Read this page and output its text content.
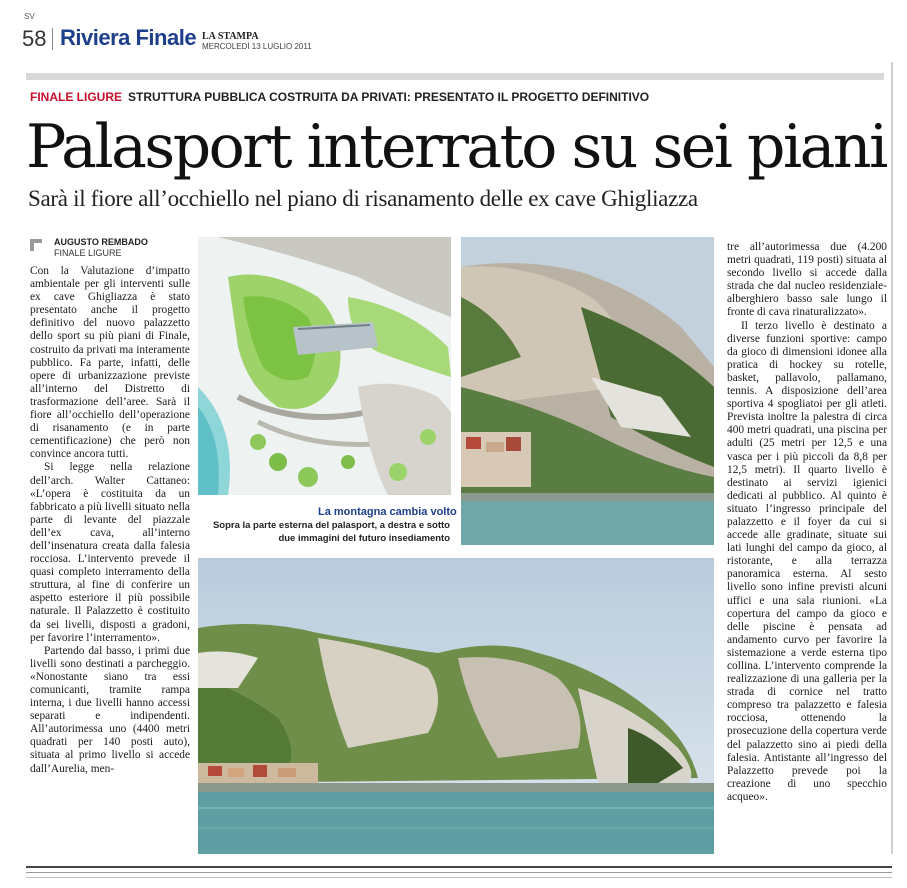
SV
58 Riviera Finale LA STAMPA
MERCOLEDÌ 13 LUGLIO 2011
FINALE LIGURE STRUTTURA PUBBLICA COSTRUITA DA PRIVATI: PRESENTATO IL PROGETTO DEFINITIVO
Palasport interrato su sei piani
Sarà il fiore all’occhiello nel piano di risanamento delle ex cave Ghigliazza
AUGUSTO REMBADO
FINALE LIGURE

Con la Valutazione d’impatto ambientale per gli interventi sulle ex cave Ghigliazza è stato presentato anche il progetto definitivo del nuovo palazzetto dello sport su più piani di Finale, costruito da privati ma interamente pubblico. Fa parte, infatti, delle opere di urbanizzazione previste all’interno del Distretto di trasformazione dell’aree. Sarà il fiore all’occhiello dell’operazione di risanamento (e in parte cementificazione) che però non convince ancora tutti.

Si legge nella relazione dell’arch. Walter Cattaneo: «L’opera è costituita da un fabbricato a più livelli situato nella parte di levante del piazzale dell’ex cava, all’interno dell’insenatura creata dalla falesia rocciosa. L’intervento prevede il quasi completo interramento della struttura, al fine di conferire un aspetto esteriore il più possibile naturale. Il Palazzetto è costituito da sei livelli, disposti a gradoni, per favorire l’interramento».

Partendo dal basso, i primi due livelli sono destinati a parcheggio. «Nonostante siano tra essi comunicanti, tramite rampa interna, i due livelli hanno accessi separati e indipendenti. All’autorimessa uno (4400 metri quadrati per 140 posti auto), situata al primo livello si accede dall’Aurelia, men-

La montagna cambia volto
Sopra la parte esterna del palasport, a destra e sotto due immagini del futuro insediamento

tre all’autorimessa due (4.200 metri quadrati, 119 posti) situata al secondo livello si accede dalla strada che dal nucleo residenziale-alberghiero basso sale lungo il fronte di cava rinaturalizzato».

Il terzo livello è destinato a diverse funzioni sportive: campo da gioco di dimensioni idonee alla pratica di hockey su rotelle, basket, pallavolo, pallamano, tennis. A disposizione dell’area sportiva 4 spogliatoi per gli atleti. Prevista inoltre la palestra di circa 400 metri quadrati, una piscina per adulti (25 metri per 12,5 e una vasca per i più piccoli da 8,8 per 12,5 metri). Il quarto livello è destinato ai servizi igienici dedicati al pubblico. Al quinto è situato l’ingresso principale del palazzetto e il foyer da cui si accede alle gradinate, situate sui lati lunghi del campo da gioco, al ristorante, e alla terrazza panoramica esterna. Al sesto livello sono infine previsti alcuni uffici e una sala riunioni. «La copertura del campo da gioco e delle piscine è pensata ad andamento curvo per favorire la sistemazione a verde esterna tipo collina. L’intervento comprende la realizzazione di una galleria per la strada di cornice nel tratto compreso tra palazzetto e falesia rocciosa, ottenendo la prosecuzione della copertura verde del palazzetto sino ai piedi della falesia. Antistante all’ingresso del Palazzetto prevede poi la creazione di uno specchio acqueo».
